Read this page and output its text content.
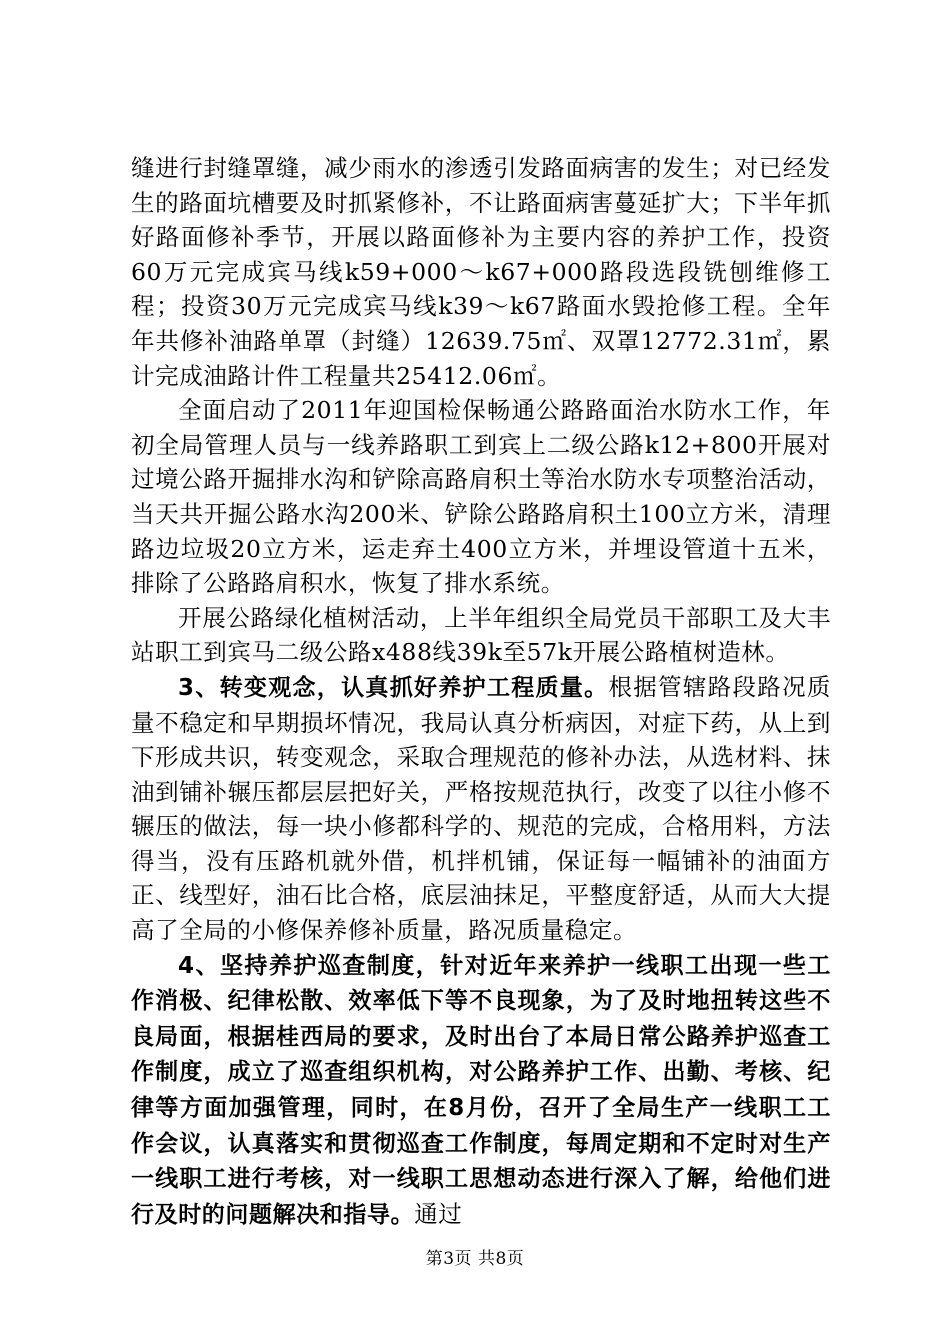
缝进行封缝罩缝，减少雨水的渗透引发路面病害的发生；对已经发生的路面坑槽要及时抓紧修补，不让路面病害蔓延扩大；下半年抓好路面修补季节，开展以路面修补为主要内容的养护工作，投资60万元完成宾马线k59+000～k67+000路段选段铣刨维修工程；投资30万元完成宾马线k39～k67路面水毁抢修工程。全年年共修补油路单罩（封缝）12639.75㎡、双罩12772.31㎡，累计完成油路计件工程量共25412.06㎡。

全面启动了2011年迎国检保畅通公路路面治水防水工作，年初全局管理人员与一线养路职工到宾上二级公路k12+800开展对过境公路开掘排水沟和铲除高路肩积土等治水防水专项整治活动，当天共开掘公路水沟200米、铲除公路路肩积土100立方米，清理路边垃圾20立方米，运走弃土400立方米，并埋设管道十五米，排除了公路路肩积水，恢复了排水系统。

开展公路绿化植树活动，上半年组织全局党员干部职工及大丰站职工到宾马二级公路x488线39k至57k开展公路植树造林。

3、转变观念，认真抓好养护工程质量。根据管辖路段路况质量不稳定和早期损坏情况，我局认真分析病因，对症下药，从上到下形成共识，转变观念，采取合理规范的修补办法，从选材料、抹油到铺补辗压都层层把好关，严格按规范执行，改变了以往小修不辗压的做法，每一块小修都科学的、规范的完成，合格用料，方法得当，没有压路机就外借，机拌机铺，保证每一幅铺补的油面方正、线型好，油石比合格，底层油抹足，平整度舒适，从而大大提高了全局的小修保养修补质量，路况质量稳定。

4、坚持养护巡查制度，针对近年来养护一线职工出现一些工作消极、纪律松散、效率低下等不良现象，为了及时地扭转这些不良局面，根据桂西局的要求，及时出台了本局日常公路养护巡查工作制度，成立了巡查组织机构，对公路养护工作、出勤、考核、纪律等方面加强管理，同时，在8月份，召开了全局生产一线职工工作会议，认真落实和贯彻巡查工作制度，每周定期和不定时对生产一线职工进行考核，对一线职工思想动态进行深入了解，给他们进行及时的问题解决和指导。通过

第3页 共8页
